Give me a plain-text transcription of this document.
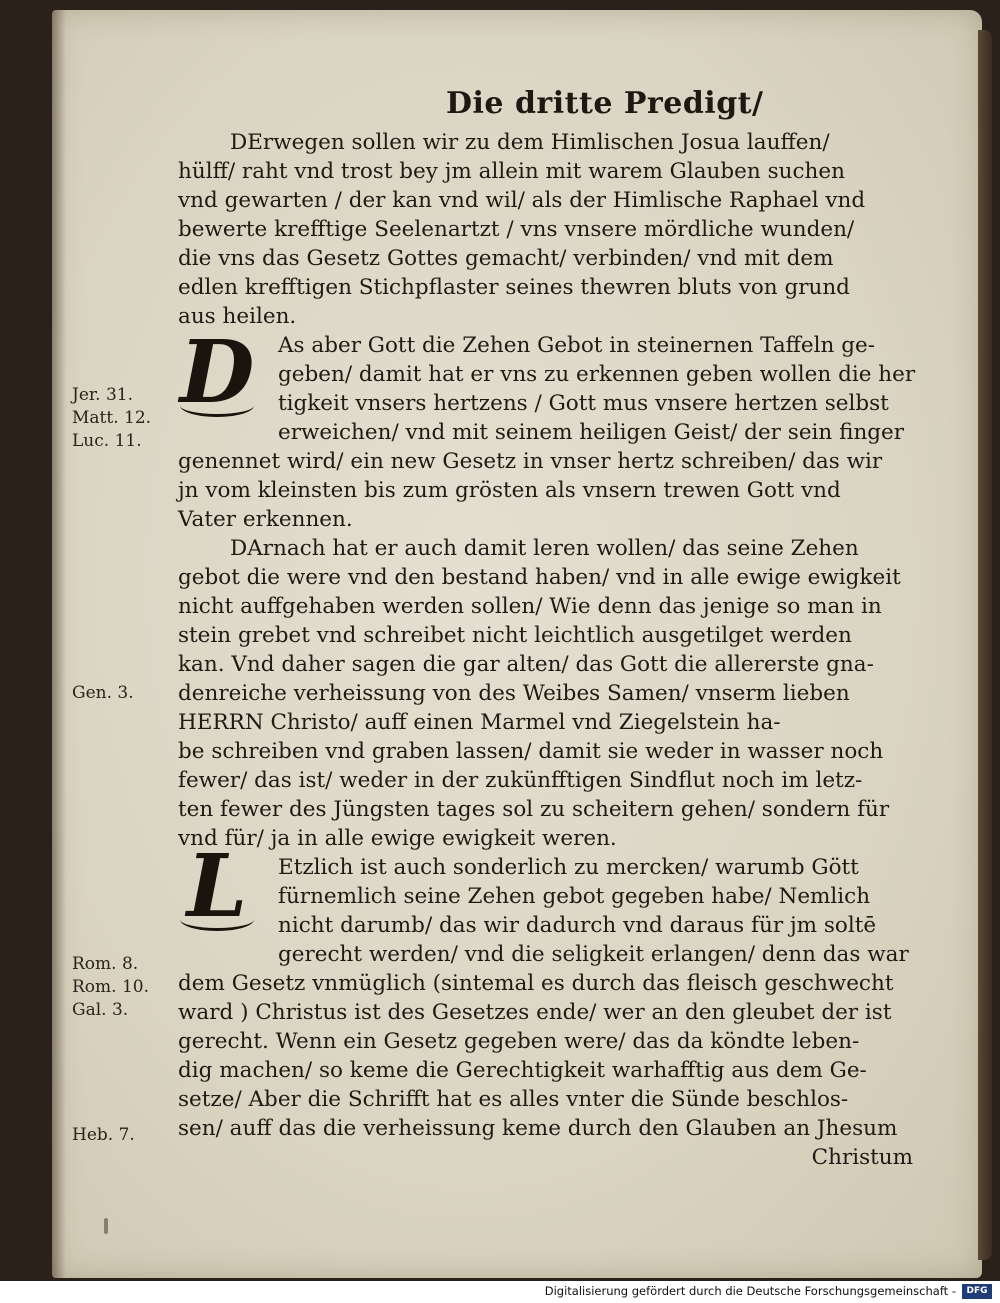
Die dritte Predigt/
D
L
DErwegen sollen wir zu dem Himlischen Josua lauffen/
hülff/ raht vnd trost bey jm allein mit warem Glauben suchen
vnd gewarten / der kan vnd wil/ als der Himlische Raphael vnd
bewerte krefftige Seelenartzt / vns vnsere mördliche wunden/
die vns das Gesetz Gottes gemacht/ verbinden/ vnd mit dem
edlen krefftigen Stichpflaster seines thewren bluts von grund
aus heilen.
As aber Gott die Zehen Gebot in steinernen Taffeln ge-
geben/ damit hat er vns zu erkennen geben wollen die her
tigkeit vnsers hertzens / Gott mus vnsere hertzen selbst
erweichen/ vnd mit seinem heiligen Geist/ der sein finger
genennet wird/ ein new Gesetz in vnser hertz schreiben/ das wir
jn vom kleinsten bis zum grösten als vnsern trewen Gott vnd
Vater erkennen.
DArnach hat er auch damit leren wollen/ das seine Zehen
gebot die were vnd den bestand haben/ vnd in alle ewige ewigkeit
nicht auffgehaben werden sollen/ Wie denn das jenige so man in
stein grebet vnd schreibet nicht leichtlich ausgetilget werden
kan. Vnd daher sagen die gar alten/ das Gott die allererste gna-
denreiche verheissung von des Weibes Samen/ vnserm lieben
HERRN Christo/ auff einen Marmel vnd Ziegelstein ha-
be schreiben vnd graben lassen/ damit sie weder in wasser noch
fewer/ das ist/ weder in der zukünfftigen Sindflut noch im letz-
ten fewer des Jüngsten tages sol zu scheitern gehen/ sondern für
vnd für/ ja in alle ewige ewigkeit weren.
Etzlich ist auch sonderlich zu mercken/ warumb Gött
fürnemlich seine Zehen gebot gegeben habe/ Nemlich
nicht darumb/ das wir dadurch vnd daraus für jm soltē
gerecht werden/ vnd die seligkeit erlangen/ denn das war
dem Gesetz vnmüglich (sintemal es durch das fleisch geschwecht
ward ) Christus ist des Gesetzes ende/ wer an den gleubet der ist
gerecht. Wenn ein Gesetz gegeben were/ das da köndte leben-
dig machen/ so keme die Gerechtigkeit warhafftig aus dem Ge-
setze/ Aber die Schrifft hat es alles vnter die Sünde beschlos-
sen/ auff das die verheissung keme durch den Glauben an Jhesum
Christum
Jer. 31.
Matt. 12.
Luc. 11.
Gen. 3.
Rom. 8.
Rom. 10.
Gal. 3.
Heb. 7.
Digitalisierung gefördert durch die Deutsche Forschungsgemeinschaft -	DFG
